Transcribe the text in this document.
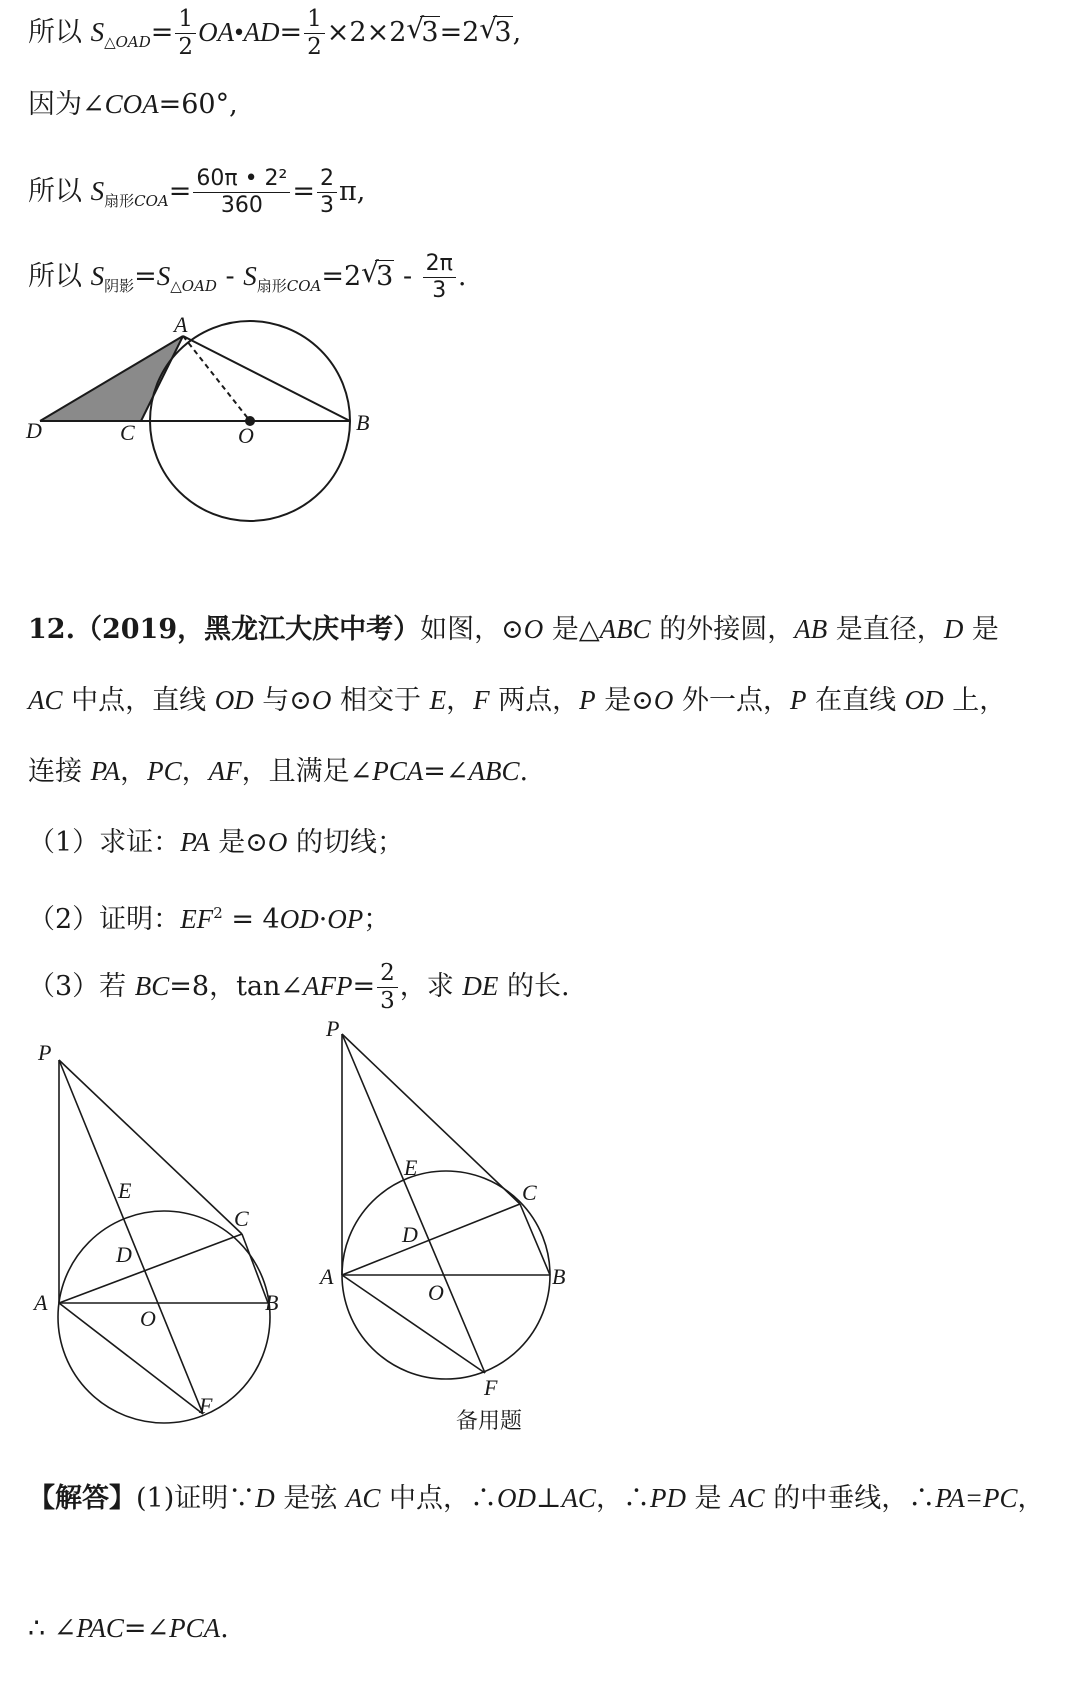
所以 $S_{\triangle OAD}= \frac{1}{2}$ OA•AD= $\frac{1}{2} \times 2\times 2√$ 3=2√ 3,
因为∠COA=60°,
所以 $S_{扇形COA}= \frac{\text{60π • 2²}}{360} = \frac{2}{3} \pi$,
所以 $S_{阴影}=S_{\triangle OAD} - S_{扇形COA}=2√$ $3 - \frac{2\pi}{3}$ .
A
B
C
D	O
12.（2019，黑龙江大庆中考）如图，⊙O 是△ABC 的外接圆，AB 是直径，D 是
AC 中点，直线 OD 与⊙O 相交于 E，F 两点，P 是⊙O 外一点，P 在直线 OD 上，
连接 PA，PC，AF，且满足∠PCA=∠ABC.
（1）求证：PA 是⊙O 的切线；
（2）证明：$EF^2 = 4OD\cdot OP$；
（3）若 BC=8，tan∠AFP= $\frac{2}{3}$ ，求 DE 的长.
P
E
C
D
A
O
B
F
P
E
C
D
A
O
B
F
备用题
【解答】(1)证明∵D 是弦 AC 中点，∴OD⊥AC，∴PD 是 AC 的中垂线，∴PA=PC，
∴ ∠PAC=∠PCA.
